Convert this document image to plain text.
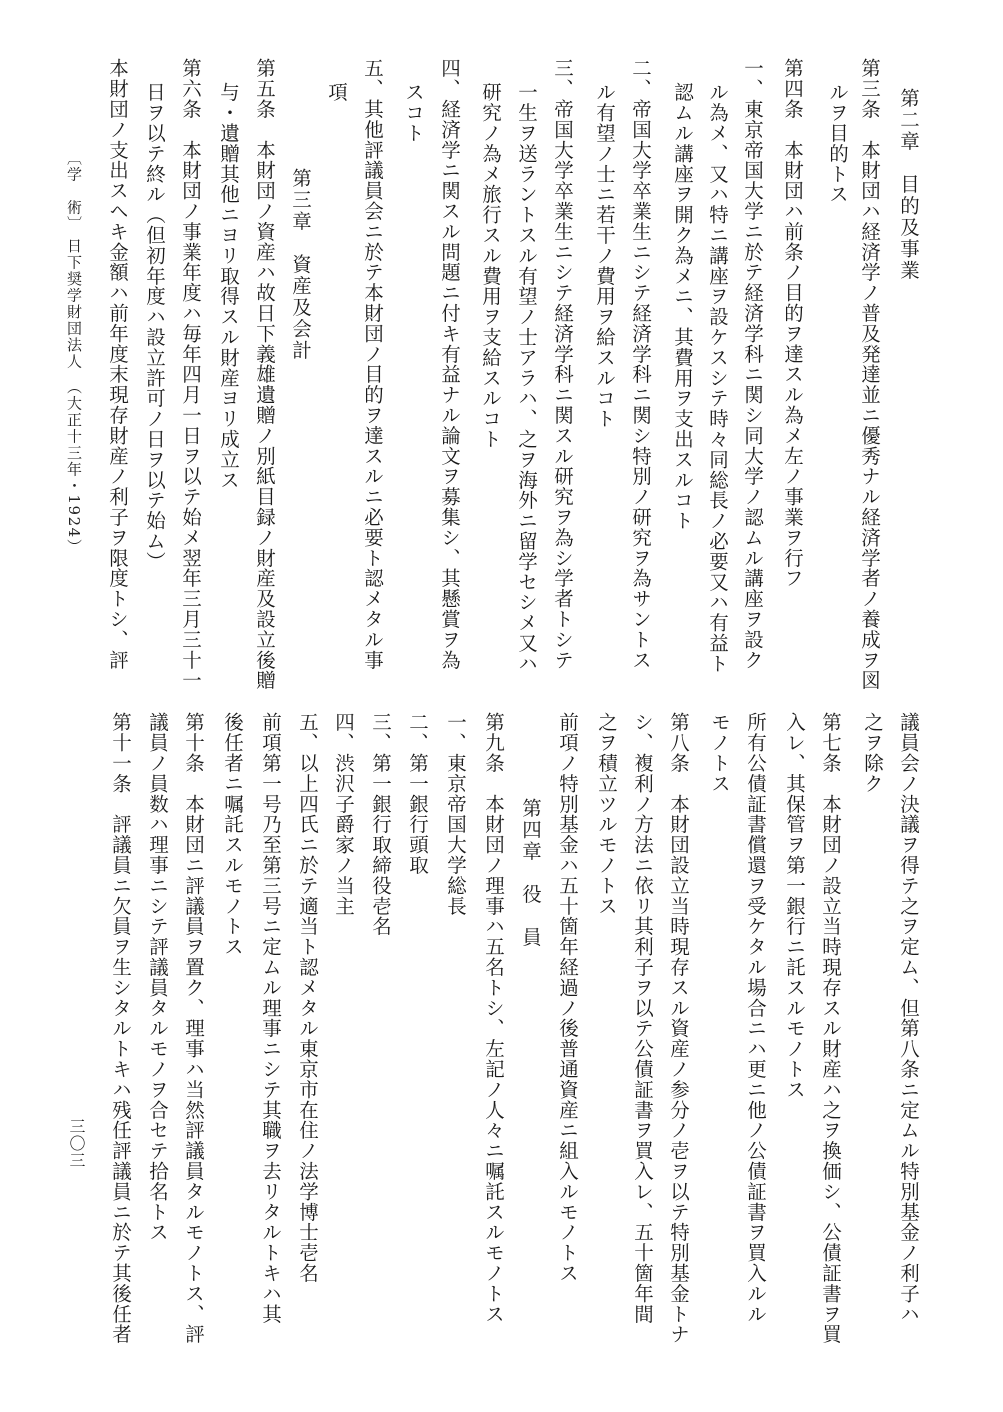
第二章　目的及事業

第三条　本財団ハ経済学ノ普及発達並ニ優秀ナル経済学者ノ養成ヲ図

ルヲ目的トス

第四条　本財団ハ前条ノ目的ヲ達スル為メ左ノ事業ヲ行フ

一、東京帝国大学ニ於テ経済学科ニ関シ同大学ノ認ムル講座ヲ設ク

ル為メ、又ハ特ニ講座ヲ設ケスシテ時々同総長ノ必要又ハ有益ト

認ムル講座ヲ開ク為メニ、其費用ヲ支出スルコト

二、帝国大学卒業生ニシテ経済学科ニ関シ特別ノ研究ヲ為サントス

ル有望ノ士ニ若干ノ費用ヲ給スルコト

三、帝国大学卒業生ニシテ経済学科ニ関スル研究ヲ為シ学者トシテ

一生ヲ送ラントスル有望ノ士アラハ、之ヲ海外ニ留学セシメ又ハ

研究ノ為メ旅行スル費用ヲ支給スルコト

四、経済学ニ関スル問題ニ付キ有益ナル論文ヲ募集シ、其懸賞ヲ為

スコト

五、其他評議員会ニ於テ本財団ノ目的ヲ達スルニ必要ト認メタル事

項

第三章　資産及会計

第五条　本財団ノ資産ハ故日下義雄遺贈ノ別紙目録ノ財産及設立後贈

与・遺贈其他ニヨリ取得スル財産ヨリ成立ス

第六条　本財団ノ事業年度ハ毎年四月一日ヲ以テ始メ翌年三月三十一

日ヲ以テ終ル（但初年度ハ設立許可ノ日ヲ以テ始ム）

本財団ノ支出スヘキ金額ハ前年度末現存財産ノ利子ヲ限度トシ、評

〔学　術〕

日下奨学財団法人　（大正十三年・1924）

議員会ノ決議ヲ得テ之ヲ定ム、但第八条ニ定ムル特別基金ノ利子ハ

之ヲ除ク

第七条　本財団ノ設立当時現存スル財産ハ之ヲ換価シ、公債証書ヲ買

入レ、其保管ヲ第一銀行ニ託スルモノトス

所有公債証書償還ヲ受ケタル場合ニハ更ニ他ノ公債証書ヲ買入ルル

モノトス

第八条　本財団設立当時現存スル資産ノ参分ノ壱ヲ以テ特別基金トナ

シ、複利ノ方法ニ依リ其利子ヲ以テ公債証書ヲ買入レ、五十箇年間

之ヲ積立ツルモノトス

前項ノ特別基金ハ五十箇年経過ノ後普通資産ニ組入ルモノトス

第四章　役　員

第九条　本財団ノ理事ハ五名トシ、左記ノ人々ニ嘱託スルモノトス

一、東京帝国大学総長

二、第一銀行頭取

三、第一銀行取締役壱名

四、渋沢子爵家ノ当主

五、以上四氏ニ於テ適当ト認メタル東京市在住ノ法学博士壱名

前項第一号乃至第三号ニ定ムル理事ニシテ其職ヲ去リタルトキハ其

後任者ニ嘱託スルモノトス

第十条　本財団ニ評議員ヲ置ク、理事ハ当然評議員タルモノトス、評

議員ノ員数ハ理事ニシテ評議員タルモノヲ合セテ拾名トス

第十一条　評議員ニ欠員ヲ生シタルトキハ残任評議員ニ於テ其後任者

三〇三
